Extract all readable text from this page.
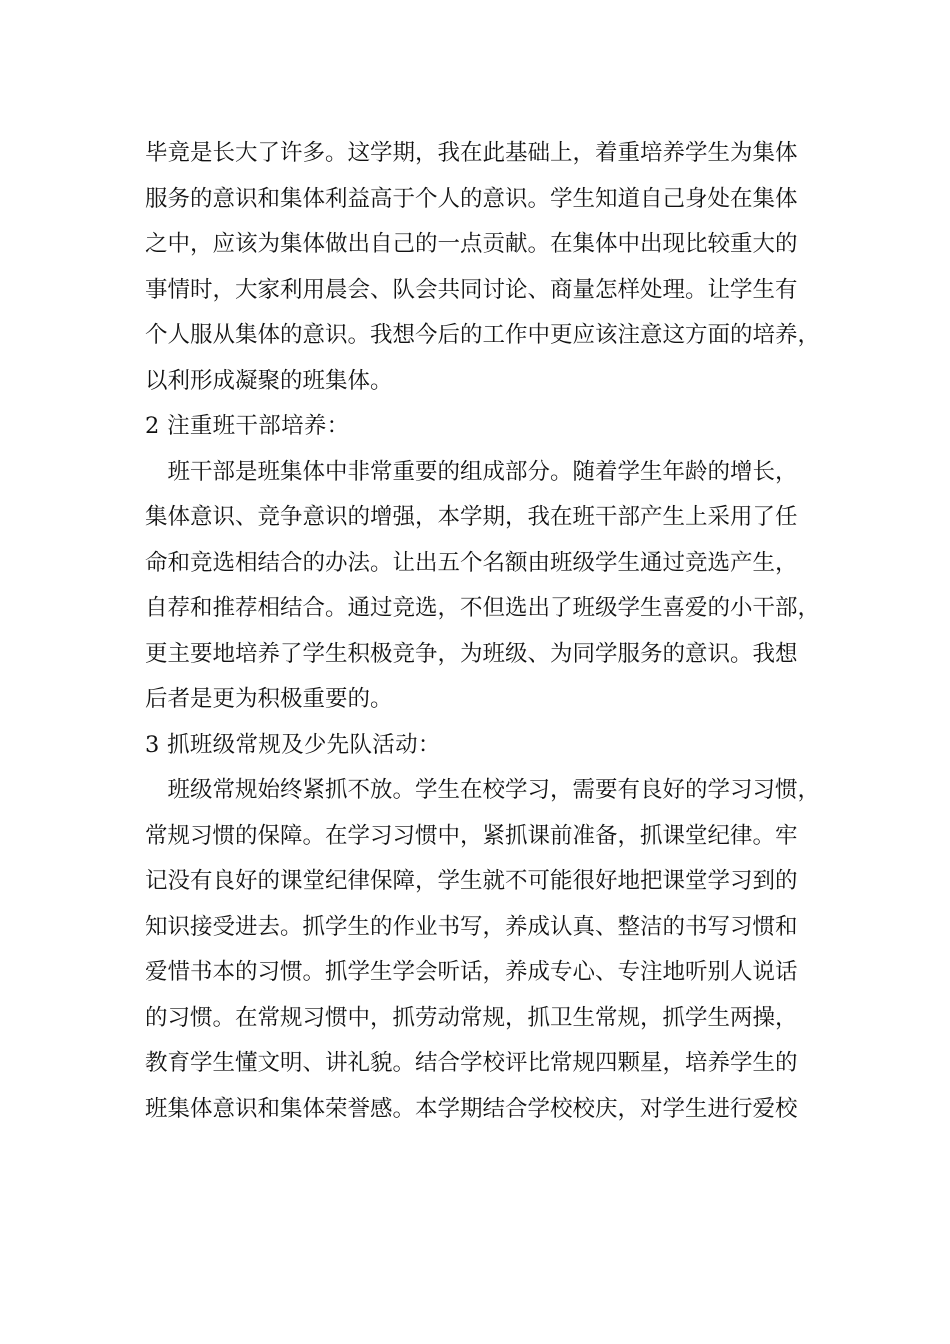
毕竟是长大了许多。这学期，我在此基础上，着重培养学生为集体
服务的意识和集体利益高于个人的意识。学生知道自己身处在集体
之中，应该为集体做出自己的一点贡献。在集体中出现比较重大的
事情时，大家利用晨会、队会共同讨论、商量怎样处理。让学生有
个人服从集体的意识。我想今后的工作中更应该注意这方面的培养，
以利形成凝聚的班集体。
2 注重班干部培养：
　班干部是班集体中非常重要的组成部分。随着学生年龄的增长，
集体意识、竞争意识的增强，本学期，我在班干部产生上采用了任
命和竞选相结合的办法。让出五个名额由班级学生通过竞选产生，
自荐和推荐相结合。通过竞选，不但选出了班级学生喜爱的小干部，
更主要地培养了学生积极竞争，为班级、为同学服务的意识。我想
后者是更为积极重要的。
3 抓班级常规及少先队活动：
　班级常规始终紧抓不放。学生在校学习，需要有良好的学习习惯，
常规习惯的保障。在学习习惯中，紧抓课前准备，抓课堂纪律。牢
记没有良好的课堂纪律保障，学生就不可能很好地把课堂学习到的
知识接受进去。抓学生的作业书写，养成认真、整洁的书写习惯和
爱惜书本的习惯。抓学生学会听话，养成专心、专注地听别人说话
的习惯。在常规习惯中，抓劳动常规，抓卫生常规，抓学生两操，
教育学生懂文明、讲礼貌。结合学校评比常规四颗星，培养学生的
班集体意识和集体荣誉感。本学期结合学校校庆，对学生进行爱校
